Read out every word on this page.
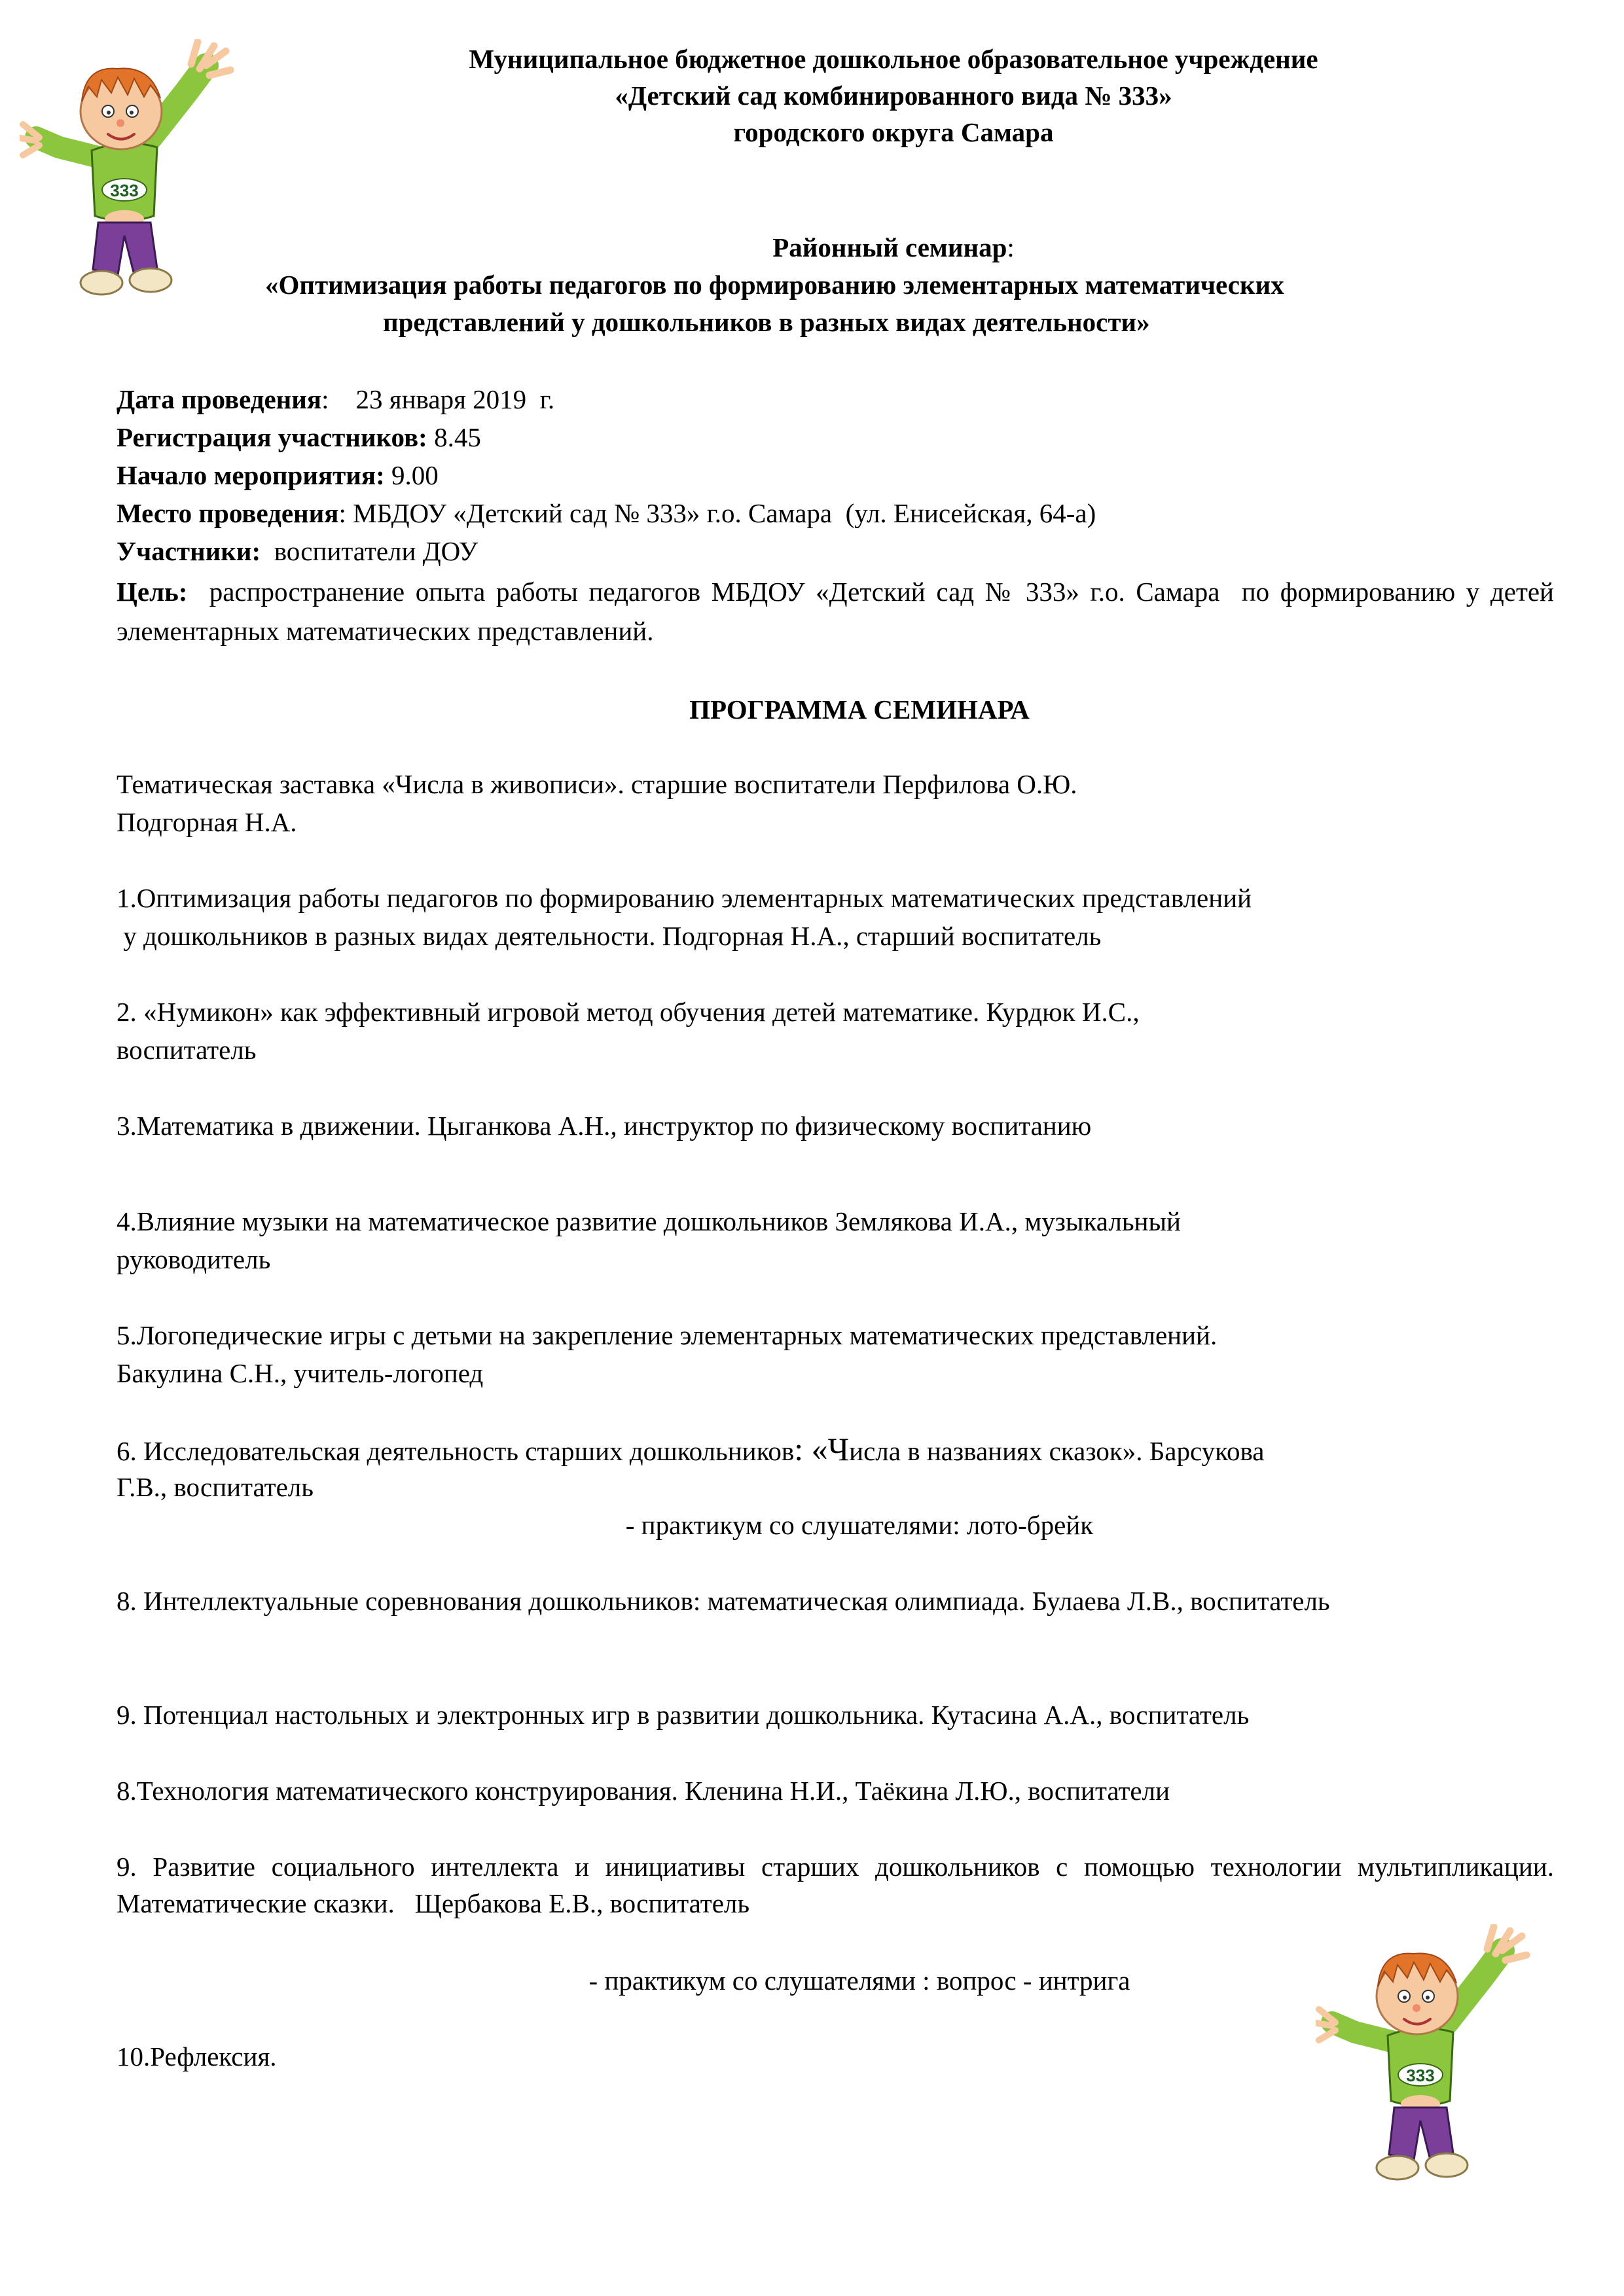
333
Муниципальное бюджетное дошкольное образовательное учреждение
«Детский сад комбинированного вида № 333»
городского округа Самара
Районный семинар:
«Оптимизация работы педагогов по формированию элементарных математических
представлений у дошкольников в разных видах деятельности»
Дата проведения:    23 января 2019  г.
Регистрация участников: 8.45
Начало мероприятия: 9.00
Место проведения: МБДОУ «Детский сад № 333» г.о. Самара  (ул. Енисейская, 64-а)
Участники:  воспитатели ДОУ
Цель:  распространение опыта работы педагогов МБДОУ «Детский сад № 333» г.о. Самара  по формированию у детей элементарных математических представлений.
ПРОГРАММА СЕМИНАРА
Тематическая заставка «Числа в живописи». старшие воспитатели Перфилова О.Ю.
Подгорная Н.А.
1.Оптимизация работы педагогов по формированию элементарных математических представлений
у дошкольников в разных видах деятельности. Подгорная Н.А., старший воспитатель
2. «Нумикон» как эффективный игровой метод обучения детей математике. Курдюк И.С.,
воспитатель
3.Математика в движении. Цыганкова А.Н., инструктор по физическому воспитанию
4.Влияние музыки на математическое развитие дошкольников Землякова И.А., музыкальный
руководитель
5.Логопедические игры с детьми на закрепление элементарных математических представлений.
Бакулина С.Н., учитель-логопед
6. Исследовательская деятельность старших дошкольников: «Числа в названиях сказок». Барсукова
Г.В., воспитатель
- практикум со слушателями: лото-брейк
8. Интеллектуальные соревнования дошкольников: математическая олимпиада. Булаева Л.В., воспитатель
9. Потенциал настольных и электронных игр в развитии дошкольника. Кутасина А.А., воспитатель
8.Технология математического конструирования. Кленина Н.И., Таёкина Л.Ю., воспитатели
9. Развитие социального интеллекта и инициативы старших дошкольников с помощью технологии мультипликации. Математические сказки.   Щербакова Е.В., воспитатель
- практикум со слушателями : вопрос - интрига
10.Рефлексия.
333
